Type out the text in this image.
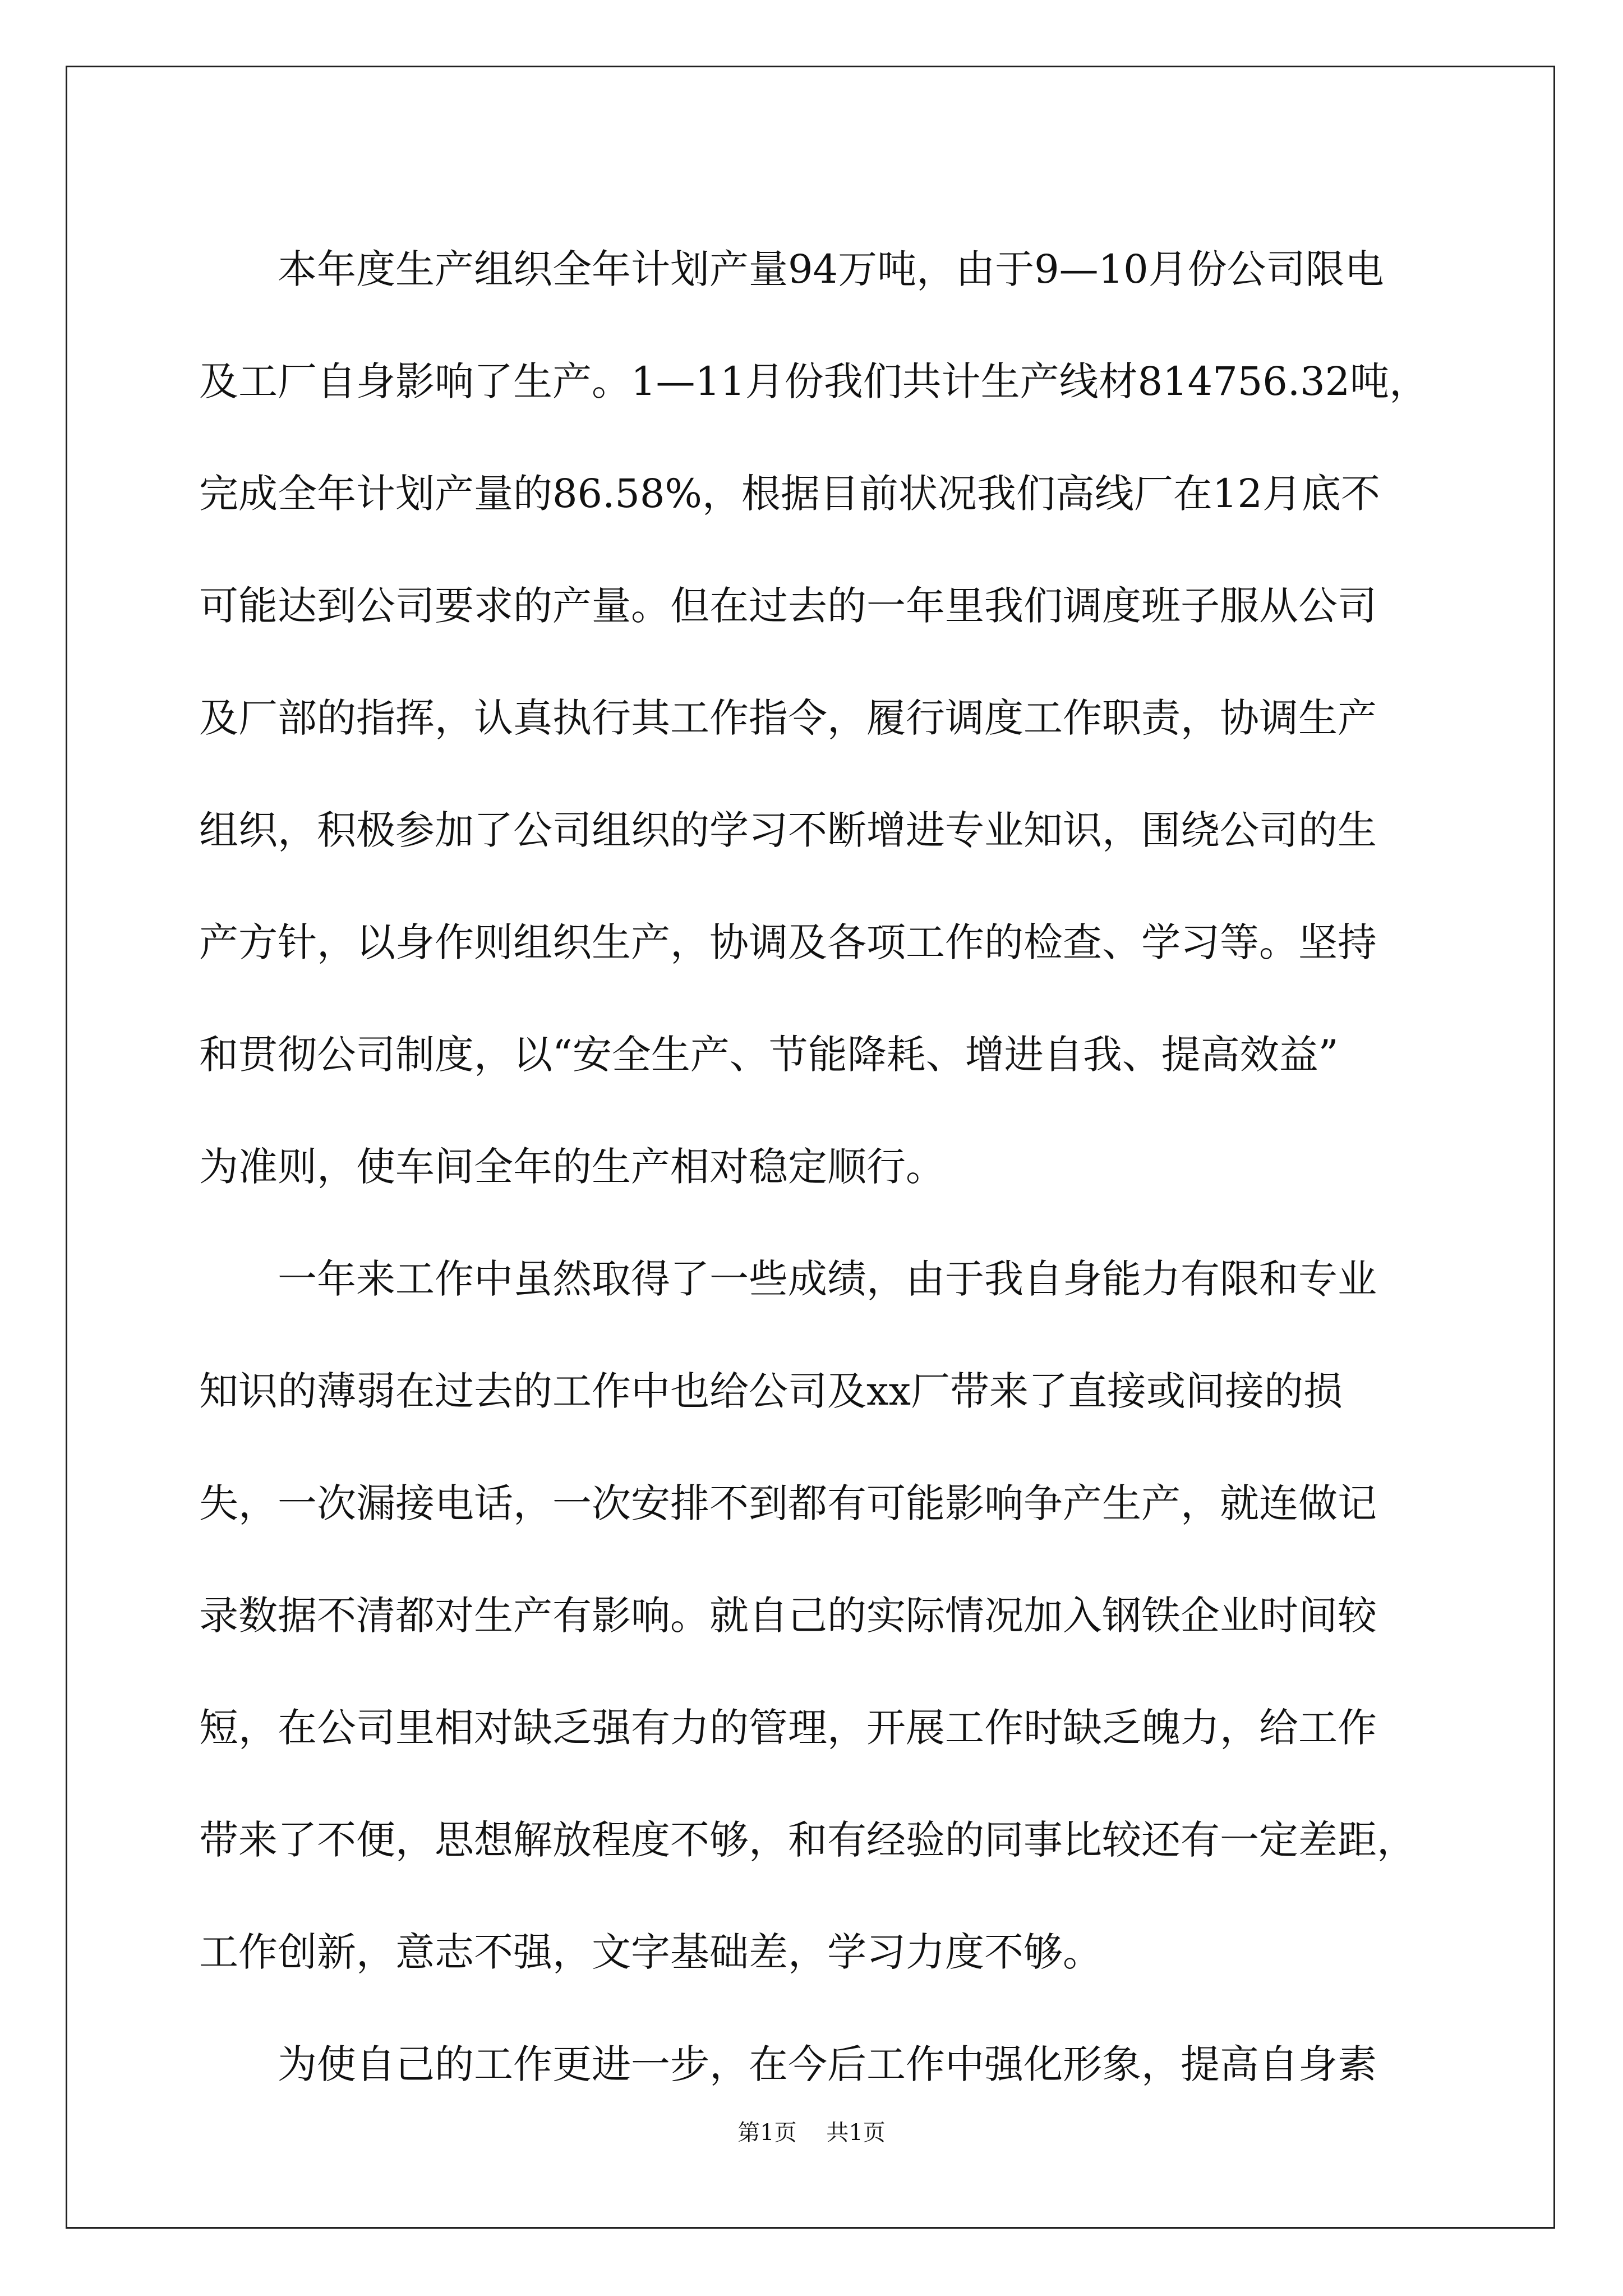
　　本年度生产组织全年计划产量94万吨，由于9—10月份公司限电
及工厂自身影响了生产。1—11月份我们共计生产线材814756.32吨，
完成全年计划产量的86.58%，根据目前状况我们高线厂在12月底不
可能达到公司要求的产量。但在过去的一年里我们调度班子服从公司
及厂部的指挥，认真执行其工作指令，履行调度工作职责，协调生产
组织，积极参加了公司组织的学习不断增进专业知识，围绕公司的生
产方针，以身作则组织生产，协调及各项工作的检查、学习等。坚持
和贯彻公司制度，以“安全生产、节能降耗、增进自我、提高效益”
为准则，使车间全年的生产相对稳定顺行。
　　一年来工作中虽然取得了一些成绩，由于我自身能力有限和专业
知识的薄弱在过去的工作中也给公司及xx厂带来了直接或间接的损
失，一次漏接电话，一次安排不到都有可能影响争产生产，就连做记
录数据不清都对生产有影响。就自己的实际情况加入钢铁企业时间较
短，在公司里相对缺乏强有力的管理，开展工作时缺乏魄力，给工作
带来了不便，思想解放程度不够，和有经验的同事比较还有一定差距，
工作创新，意志不强，文字基础差，学习力度不够。
　　为使自己的工作更进一步，在今后工作中强化形象，提高自身素
第1页 共1页
